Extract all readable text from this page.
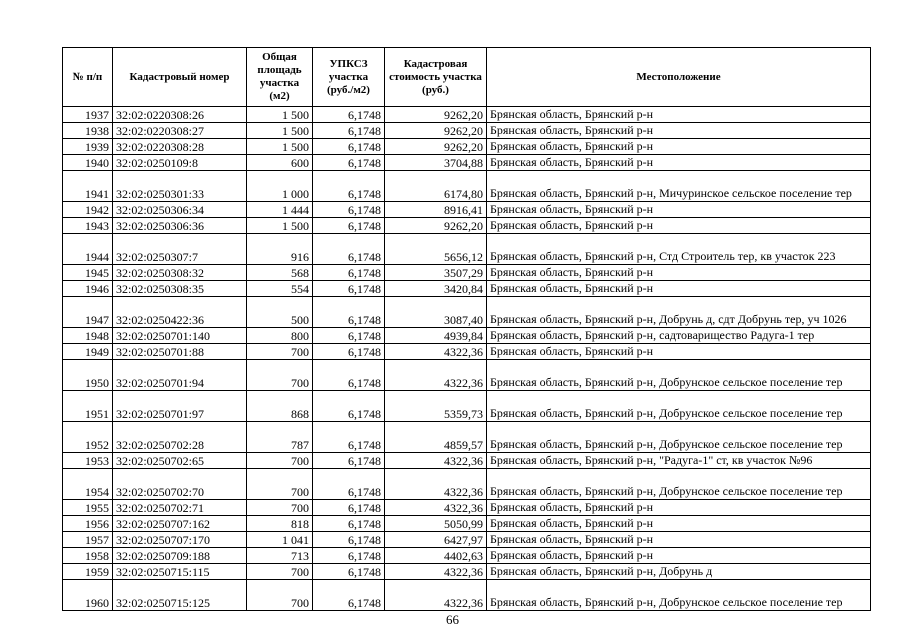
№ п/п	Кадастровый номер	Общая площадь участка (м2)	УПКСЗ участка (руб./м2)	Кадастровая стоимость участка (руб.)	Местоположение
1937	32:02:0220308:26	1 500	6,1748	9262,20	Брянская область, Брянский р-н
1938	32:02:0220308:27	1 500	6,1748	9262,20	Брянская область, Брянский р-н
1939	32:02:0220308:28	1 500	6,1748	9262,20	Брянская область, Брянский р-н
1940	32:02:0250109:8	600	6,1748	3704,88	Брянская область, Брянский р-н
1941	32:02:0250301:33	1 000	6,1748	6174,80	Брянская область, Брянский р-н, Мичуринское сельское поселение тер
1942	32:02:0250306:34	1 444	6,1748	8916,41	Брянская область, Брянский р-н
1943	32:02:0250306:36	1 500	6,1748	9262,20	Брянская область, Брянский р-н
1944	32:02:0250307:7	916	6,1748	5656,12	Брянская область, Брянский р-н, Стд Строитель тер, кв участок 223
1945	32:02:0250308:32	568	6,1748	3507,29	Брянская область, Брянский р-н
1946	32:02:0250308:35	554	6,1748	3420,84	Брянская область, Брянский р-н
1947	32:02:0250422:36	500	6,1748	3087,40	Брянская область, Брянский р-н, Добрунь д, сдт Добрунь тер, уч 1026
1948	32:02:0250701:140	800	6,1748	4939,84	Брянская область, Брянский р-н, садтоварищество Радуга-1 тер
1949	32:02:0250701:88	700	6,1748	4322,36	Брянская область, Брянский р-н
1950	32:02:0250701:94	700	6,1748	4322,36	Брянская область, Брянский р-н, Добрунское сельское поселение тер
1951	32:02:0250701:97	868	6,1748	5359,73	Брянская область, Брянский р-н, Добрунское сельское поселение тер
1952	32:02:0250702:28	787	6,1748	4859,57	Брянская область, Брянский р-н, Добрунское сельское поселение тер
1953	32:02:0250702:65	700	6,1748	4322,36	Брянская область, Брянский р-н, "Радуга-1" ст, кв участок №96
1954	32:02:0250702:70	700	6,1748	4322,36	Брянская область, Брянский р-н, Добрунское сельское поселение тер
1955	32:02:0250702:71	700	6,1748	4322,36	Брянская область, Брянский р-н
1956	32:02:0250707:162	818	6,1748	5050,99	Брянская область, Брянский р-н
1957	32:02:0250707:170	1 041	6,1748	6427,97	Брянская область, Брянский р-н
1958	32:02:0250709:188	713	6,1748	4402,63	Брянская область, Брянский р-н
1959	32:02:0250715:115	700	6,1748	4322,36	Брянская область, Брянский р-н, Добрунь д
1960	32:02:0250715:125	700	6,1748	4322,36	Брянская область, Брянский р-н, Добрунское сельское поселение тер
66
